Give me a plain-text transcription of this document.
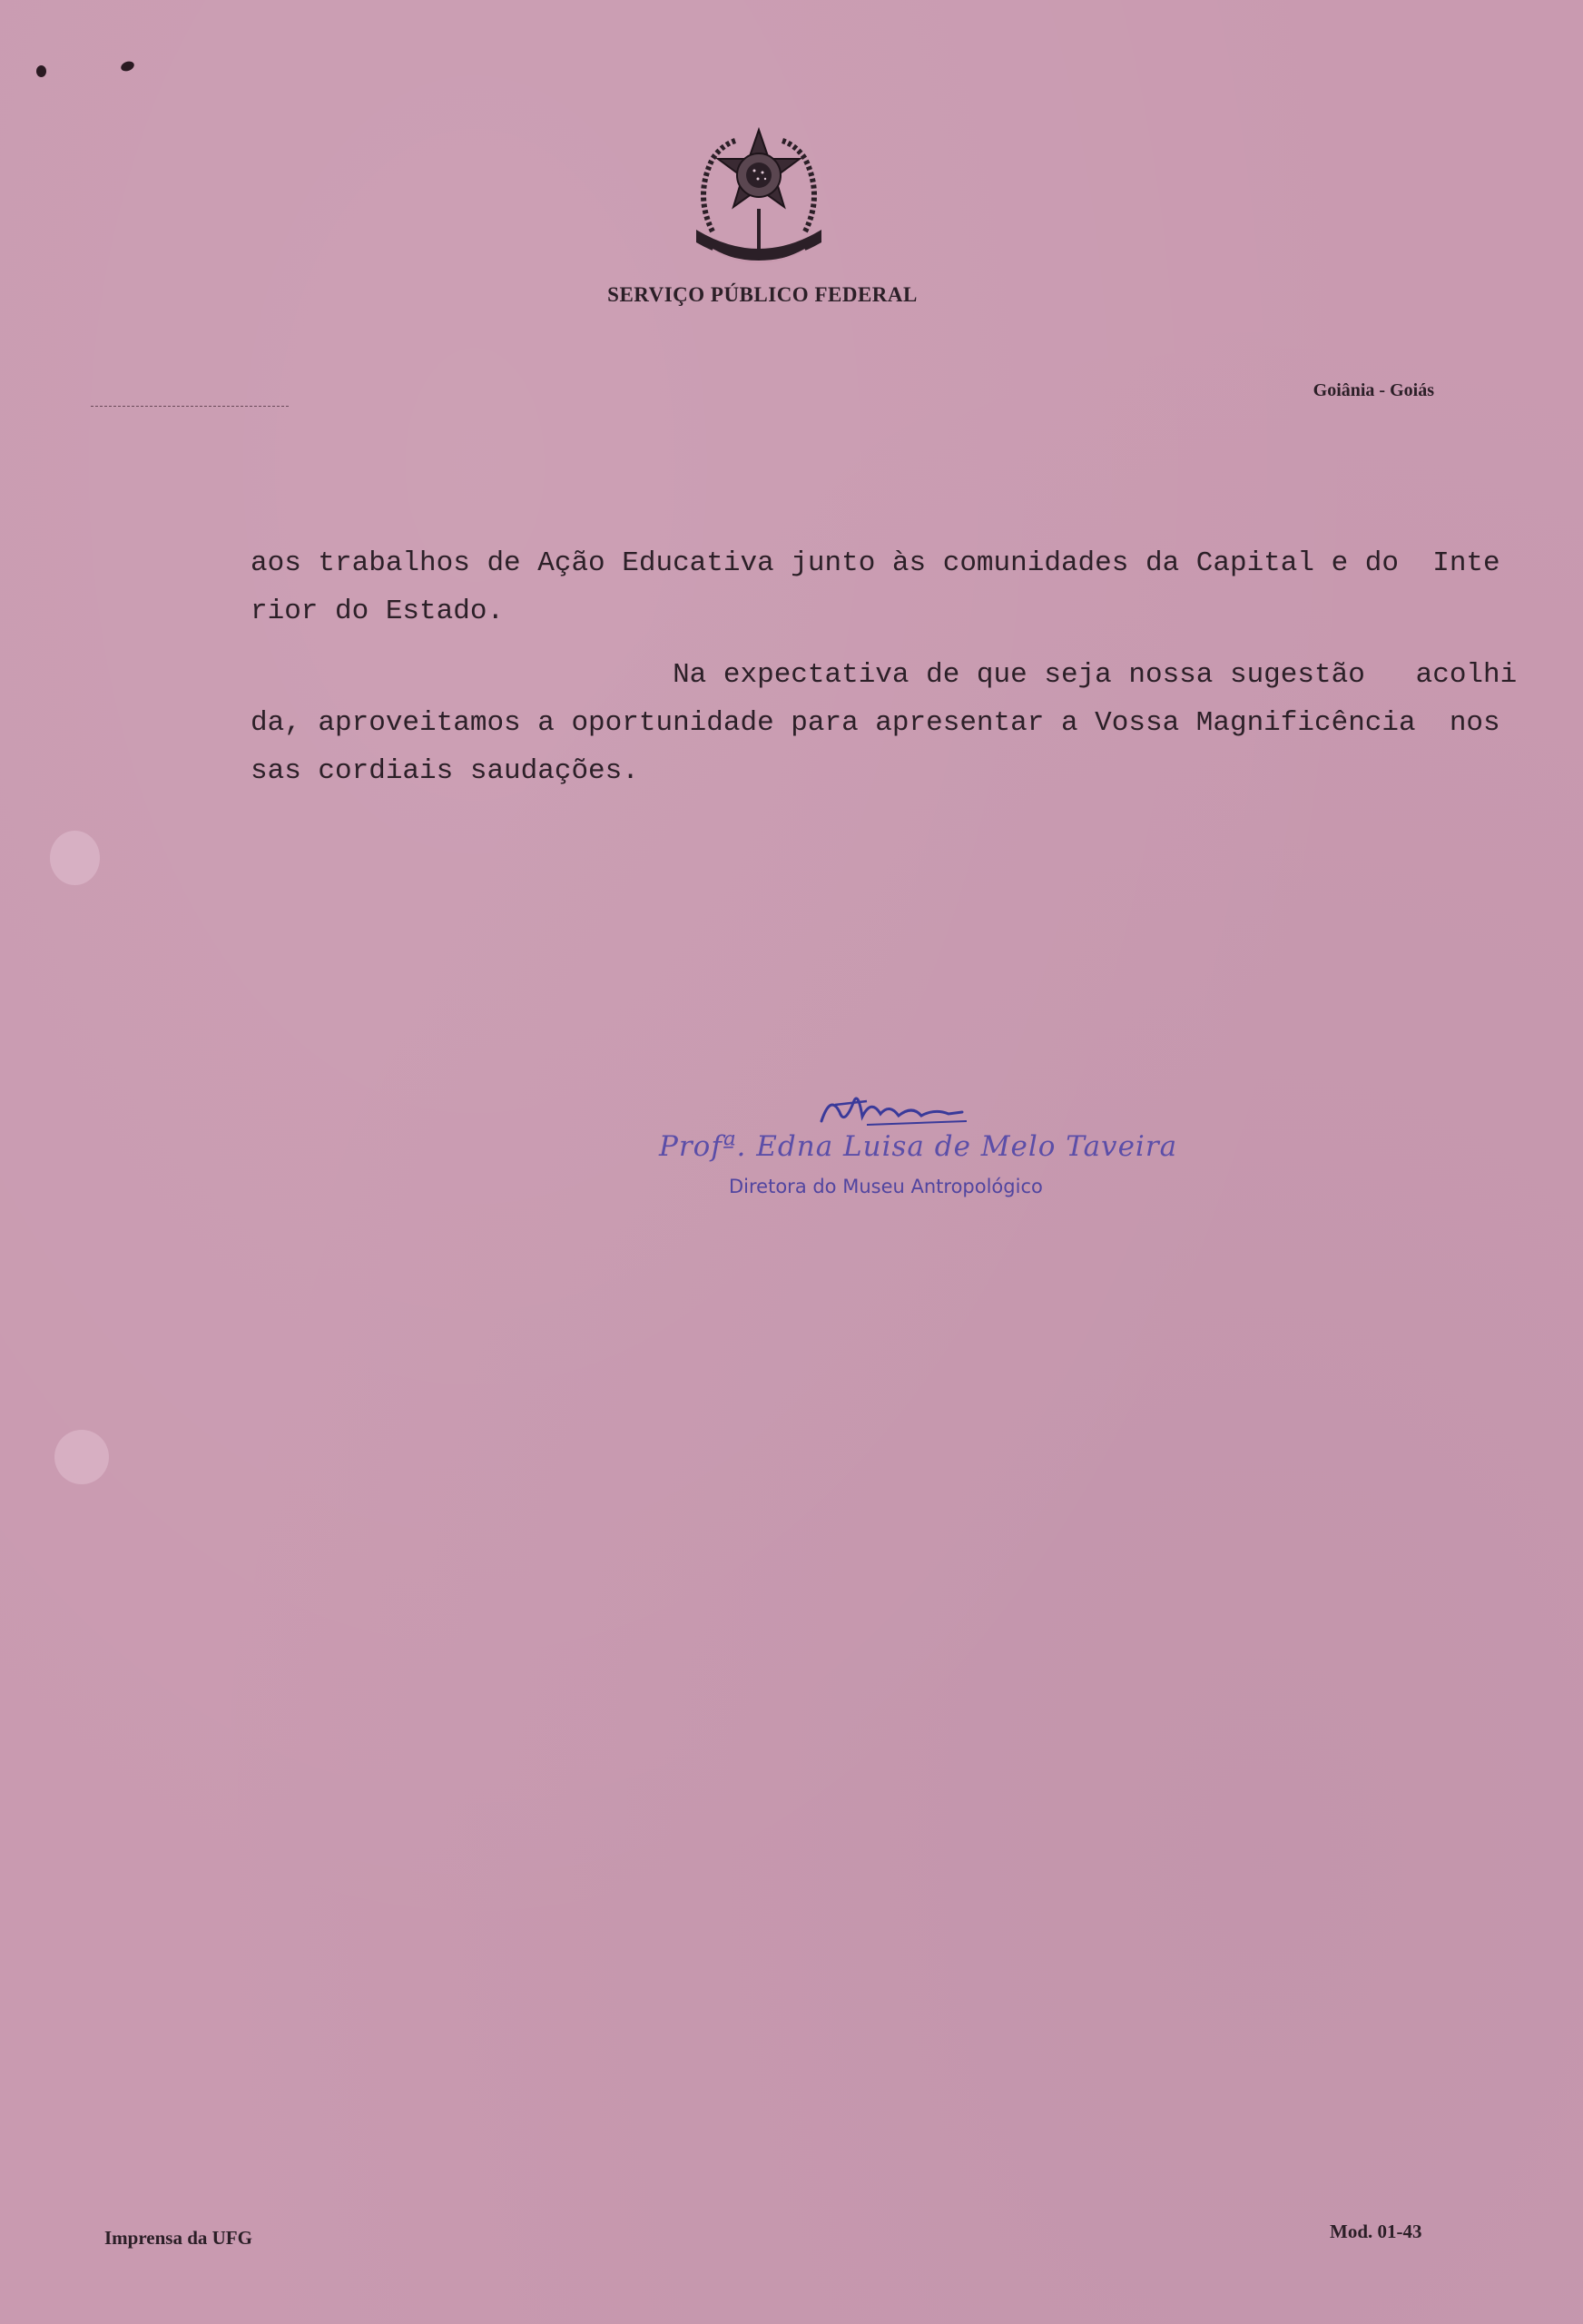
SERVIÇO PÚBLICO FEDERAL
Goiânia - Goiás
aos trabalhos de Ação Educativa junto às comunidades da Capital e do  Inte
rior do Estado.
Na expectativa de que seja nossa sugestão   acolhi
da, aproveitamos a oportunidade para apresentar a Vossa Magnificência  nos
sas cordiais saudações.
Profª. Edna Luisa de Melo Taveira
Diretora do Museu Antropológico
Imprensa da UFG	Mod. 01-43
